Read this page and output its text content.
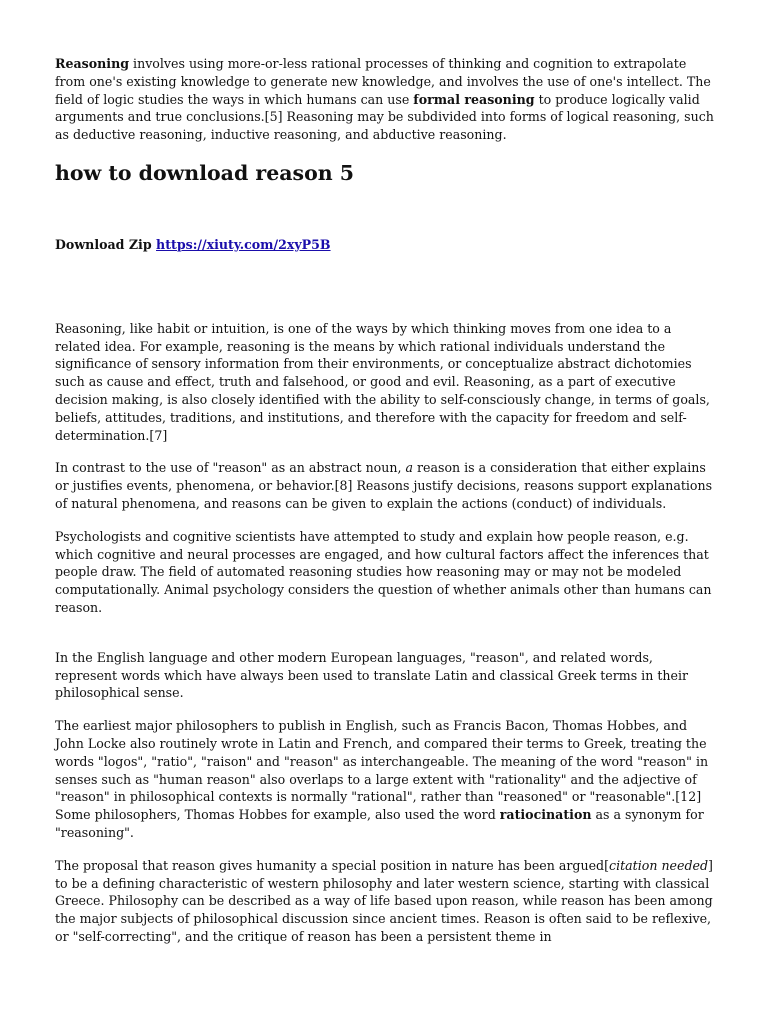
Reasoning involves using more-or-less rational processes of thinking and cognition to extrapolate from one's existing knowledge to generate new knowledge, and involves the use of one's intellect. The field of logic studies the ways in which humans can use formal reasoning to produce logically valid arguments and true conclusions.[5] Reasoning may be subdivided into forms of logical reasoning, such as deductive reasoning, inductive reasoning, and abductive reasoning.

how to download reason 5

Download Zip https://xiuty.com/2xyP5B

Reasoning, like habit or intuition, is one of the ways by which thinking moves from one idea to a related idea. For example, reasoning is the means by which rational individuals understand the significance of sensory information from their environments, or conceptualize abstract dichotomies such as cause and effect, truth and falsehood, or good and evil. Reasoning, as a part of executive decision making, is also closely identified with the ability to self-consciously change, in terms of goals, beliefs, attitudes, traditions, and institutions, and therefore with the capacity for freedom and self-determination.[7]

In contrast to the use of "reason" as an abstract noun, a reason is a consideration that either explains or justifies events, phenomena, or behavior.[8] Reasons justify decisions, reasons support explanations of natural phenomena, and reasons can be given to explain the actions (conduct) of individuals.

Psychologists and cognitive scientists have attempted to study and explain how people reason, e.g. which cognitive and neural processes are engaged, and how cultural factors affect the inferences that people draw. The field of automated reasoning studies how reasoning may or may not be modeled computationally. Animal psychology considers the question of whether animals other than humans can reason.

In the English language and other modern European languages, "reason", and related words, represent words which have always been used to translate Latin and classical Greek terms in their philosophical sense.

The earliest major philosophers to publish in English, such as Francis Bacon, Thomas Hobbes, and John Locke also routinely wrote in Latin and French, and compared their terms to Greek, treating the words "logos", "ratio", "raison" and "reason" as interchangeable. The meaning of the word "reason" in senses such as "human reason" also overlaps to a large extent with "rationality" and the adjective of "reason" in philosophical contexts is normally "rational", rather than "reasoned" or "reasonable".[12] Some philosophers, Thomas Hobbes for example, also used the word ratiocination as a synonym for "reasoning".

The proposal that reason gives humanity a special position in nature has been argued[citation needed] to be a defining characteristic of western philosophy and later western science, starting with classical Greece. Philosophy can be described as a way of life based upon reason, while reason has been among the major subjects of philosophical discussion since ancient times. Reason is often said to be reflexive, or "self-correcting", and the critique of reason has been a persistent theme in
